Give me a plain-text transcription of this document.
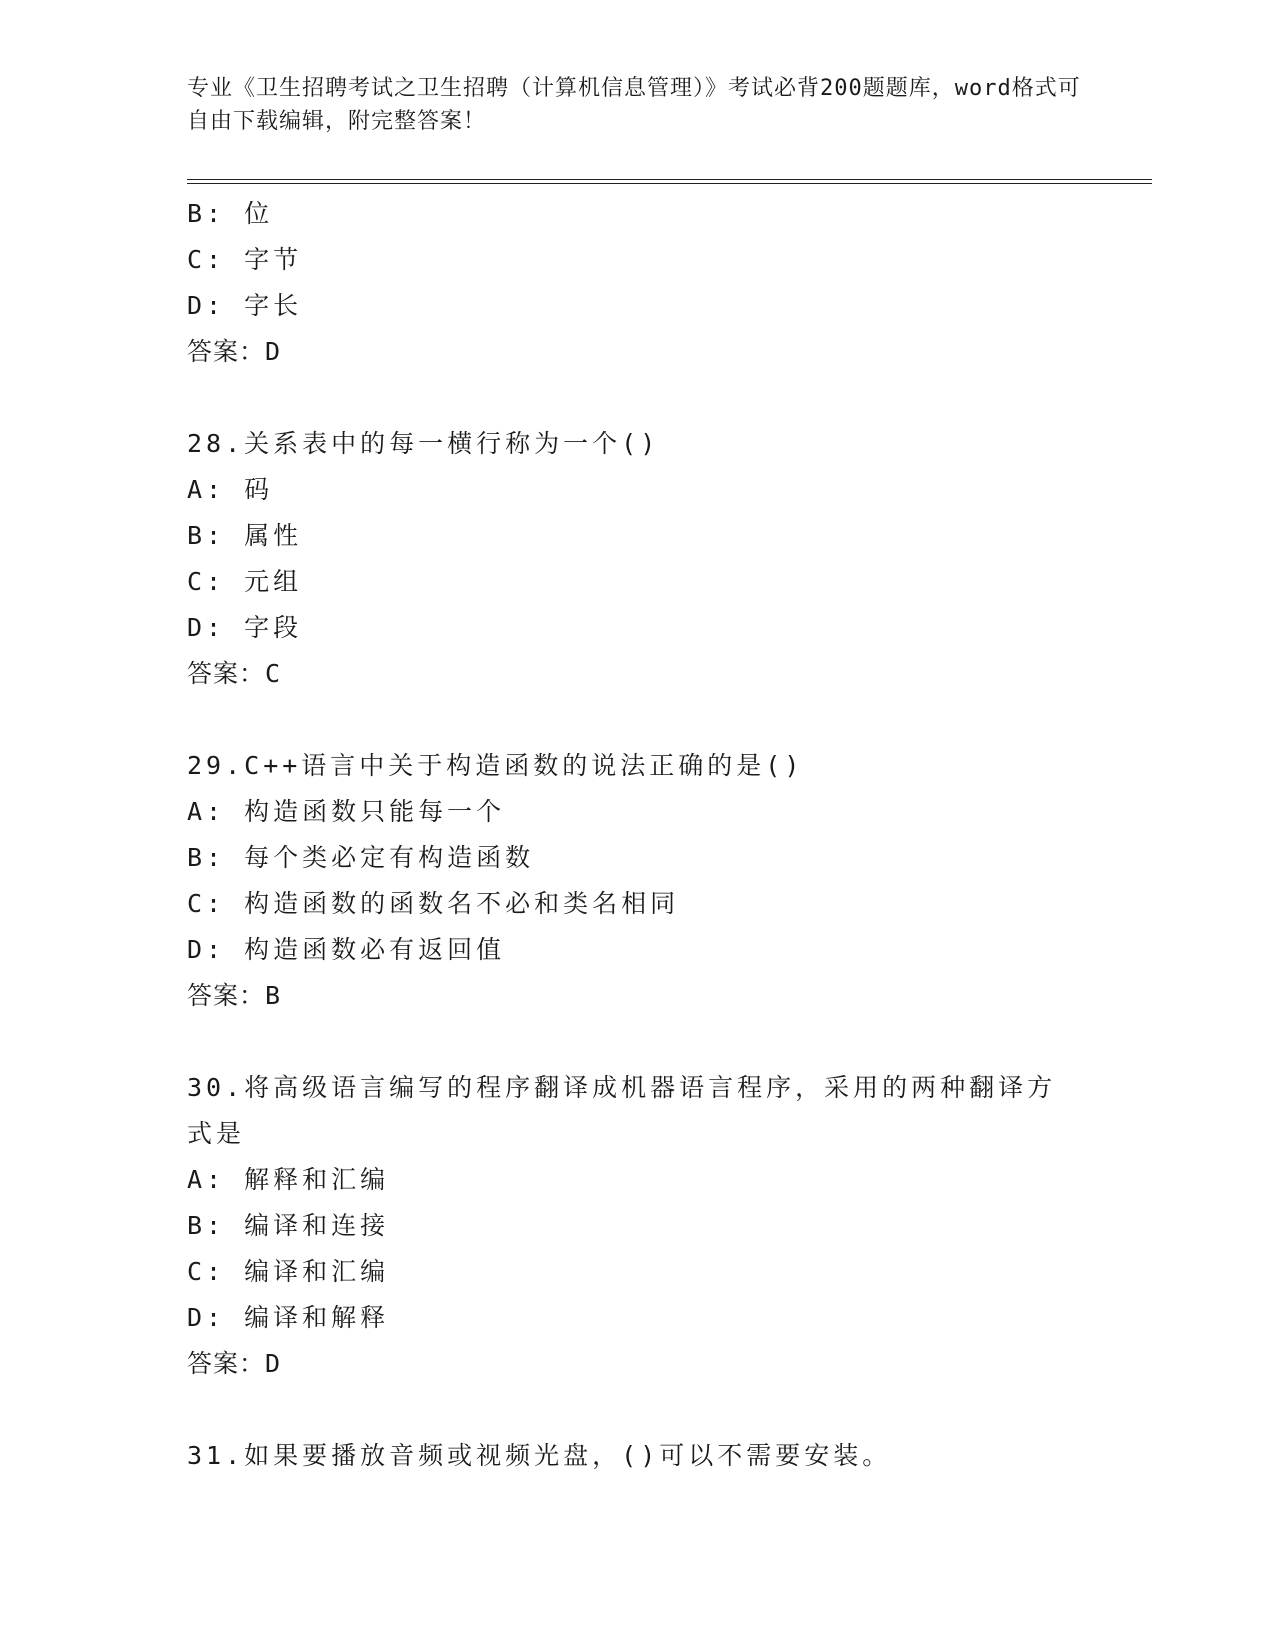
专业《卫生招聘考试之卫生招聘（计算机信息管理）》考试必背200题题库，word格式可自由下载编辑，附完整答案！
B: 位
C: 字节
D: 字长
答案：D
28.关系表中的每一横行称为一个()
A: 码
B: 属性
C: 元组
D: 字段
答案：C
29.C++语言中关于构造函数的说法正确的是()
A: 构造函数只能每一个
B: 每个类必定有构造函数
C: 构造函数的函数名不必和类名相同
D: 构造函数必有返回值
答案：B
30.将高级语言编写的程序翻译成机器语言程序，采用的两种翻译方式是
A: 解释和汇编
B: 编译和连接
C: 编译和汇编
D: 编译和解释
答案：D
31.如果要播放音频或视频光盘，()可以不需要安装。
